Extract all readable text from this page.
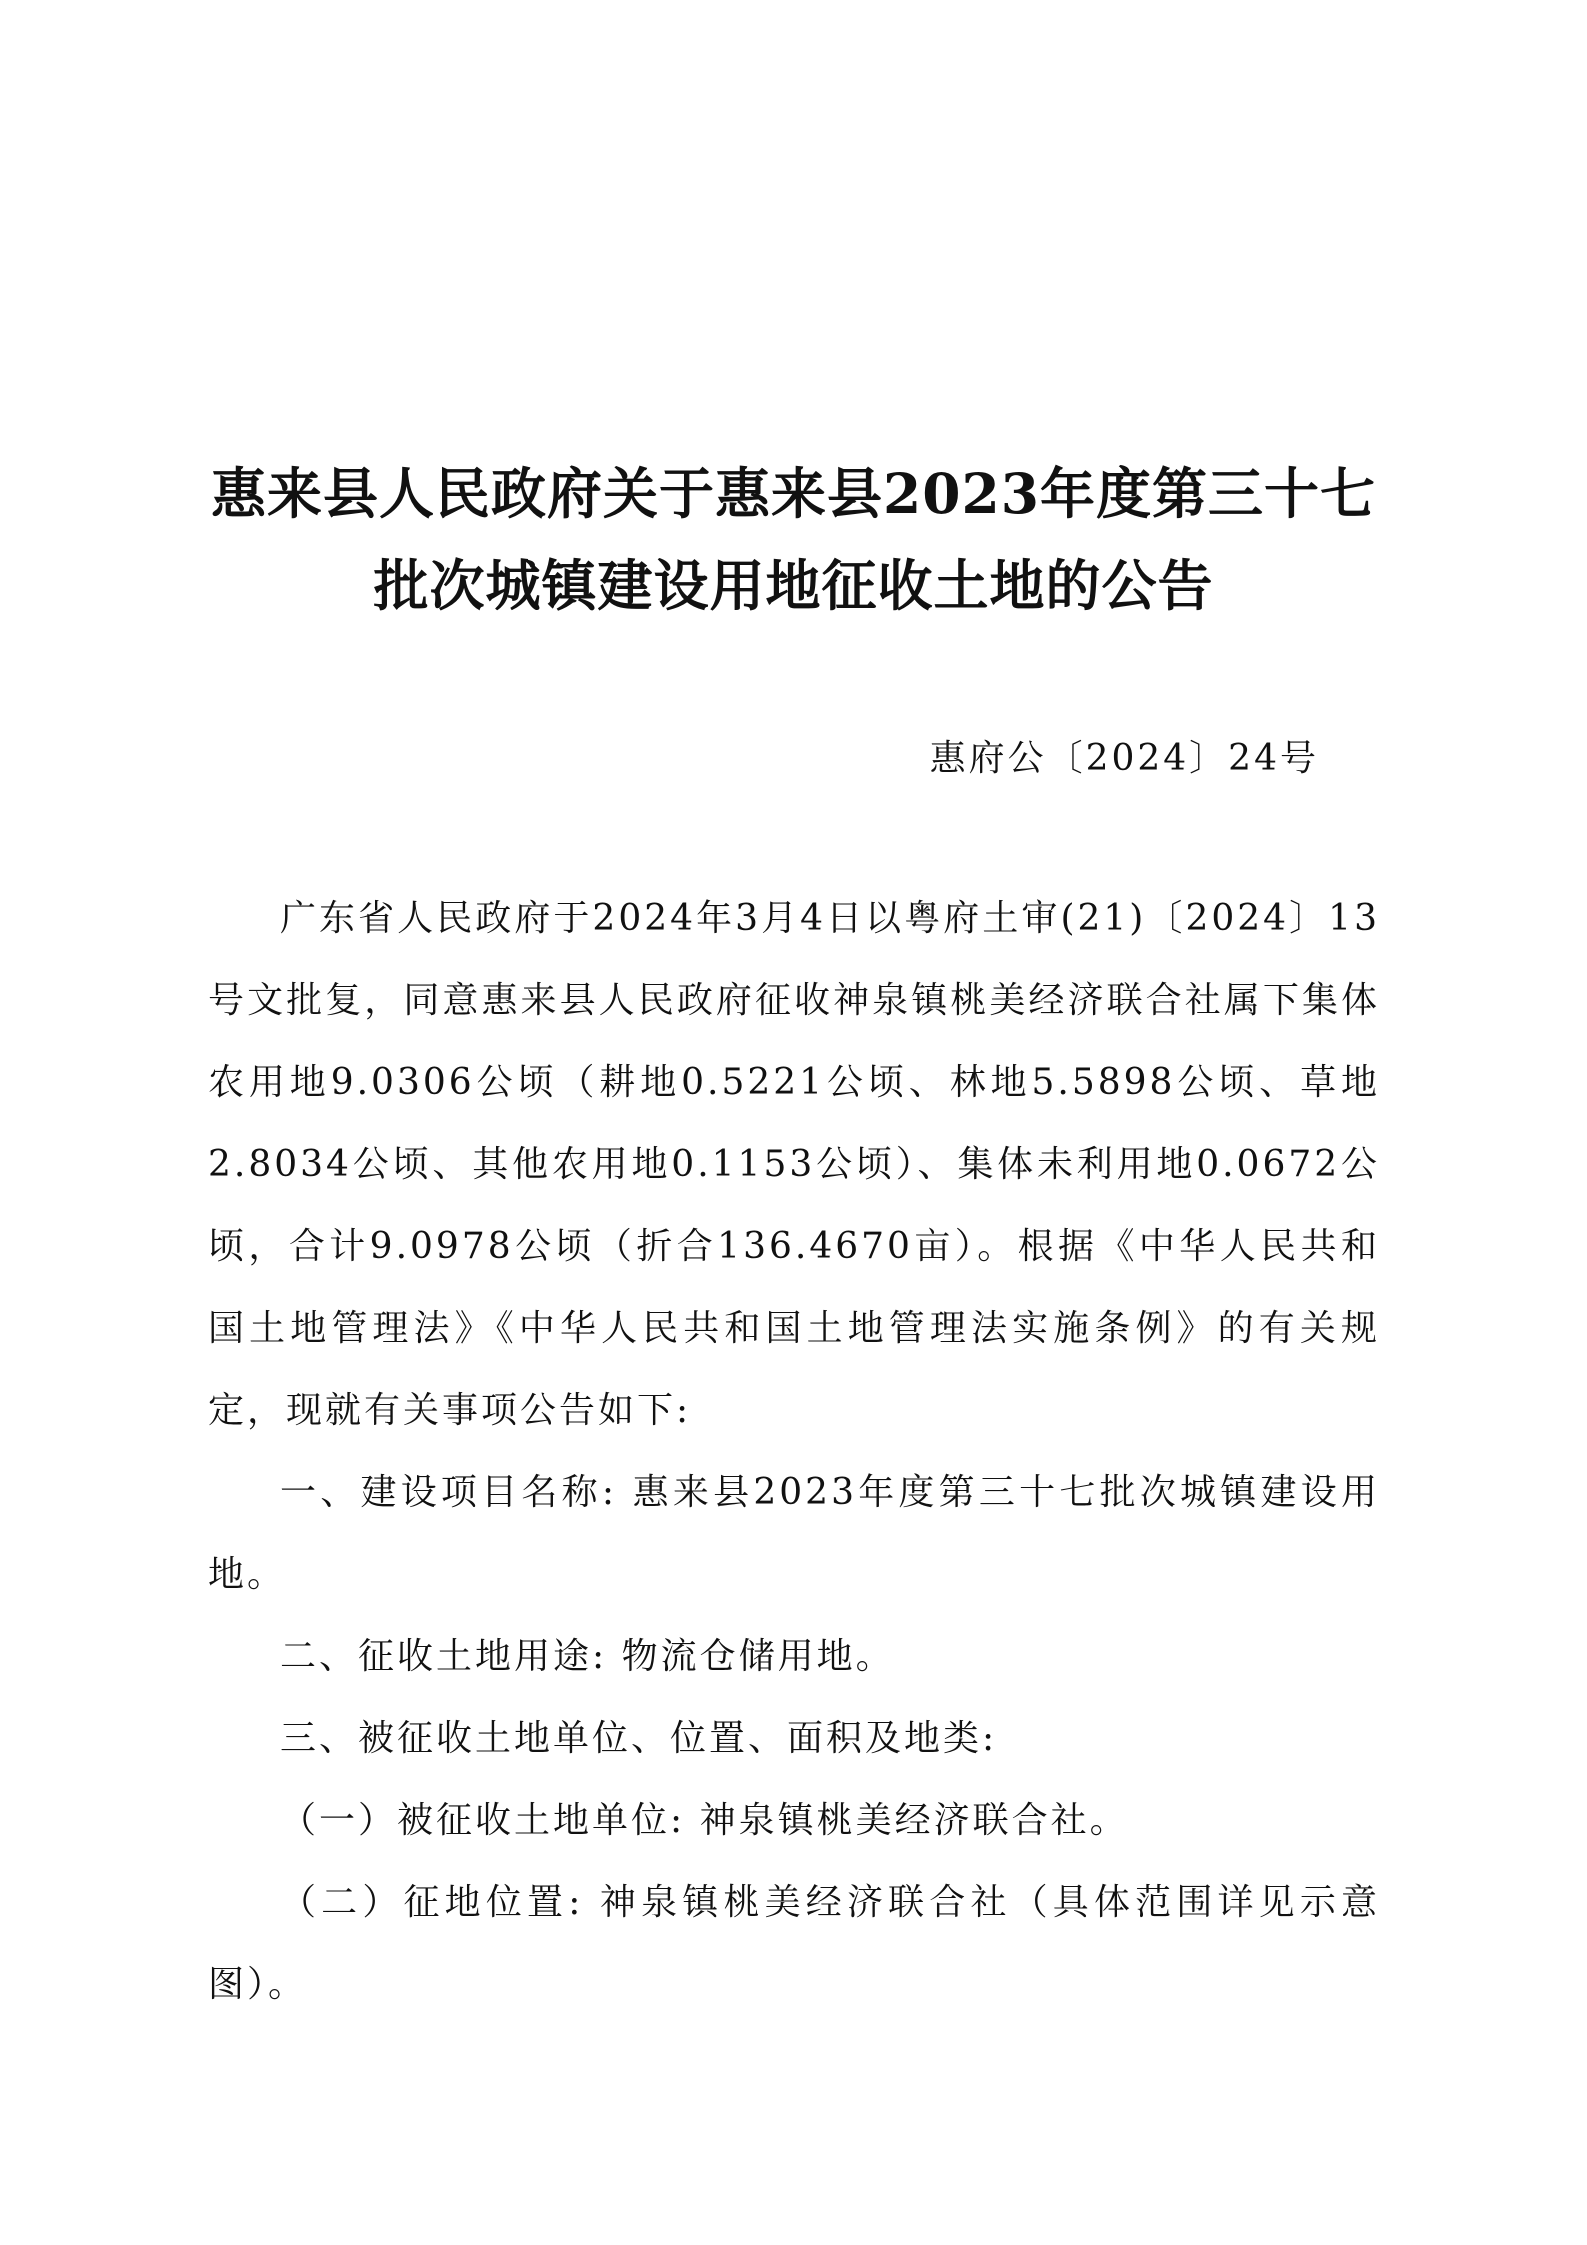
惠来县人民政府关于惠来县2023年度第三十七
批次城镇建设用地征收土地的公告
惠府公〔2024〕24号

广东省人民政府于2024年3月4日以粤府土审(21)〔2024〕13号文批复，同意惠来县人民政府征收神泉镇桃美经济联合社属下集体农用地9.0306公顷（耕地0.5221公顷、林地5.5898公顷、草地2.8034公顷、其他农用地0.1153公顷）、集体未利用地0.0672公顷，合计9.0978公顷（折合136.4670亩）。根据《中华人民共和国土地管理法》《中华人民共和国土地管理法实施条例》的有关规定，现就有关事项公告如下:

一、建设项目名称: 惠来县2023年度第三十七批次城镇建设用地。

二、征收土地用途: 物流仓储用地。

三、被征收土地单位、位置、面积及地类:

（一）被征收土地单位: 神泉镇桃美经济联合社。

（二）征地位置: 神泉镇桃美经济联合社（具体范围详见示意图）。
